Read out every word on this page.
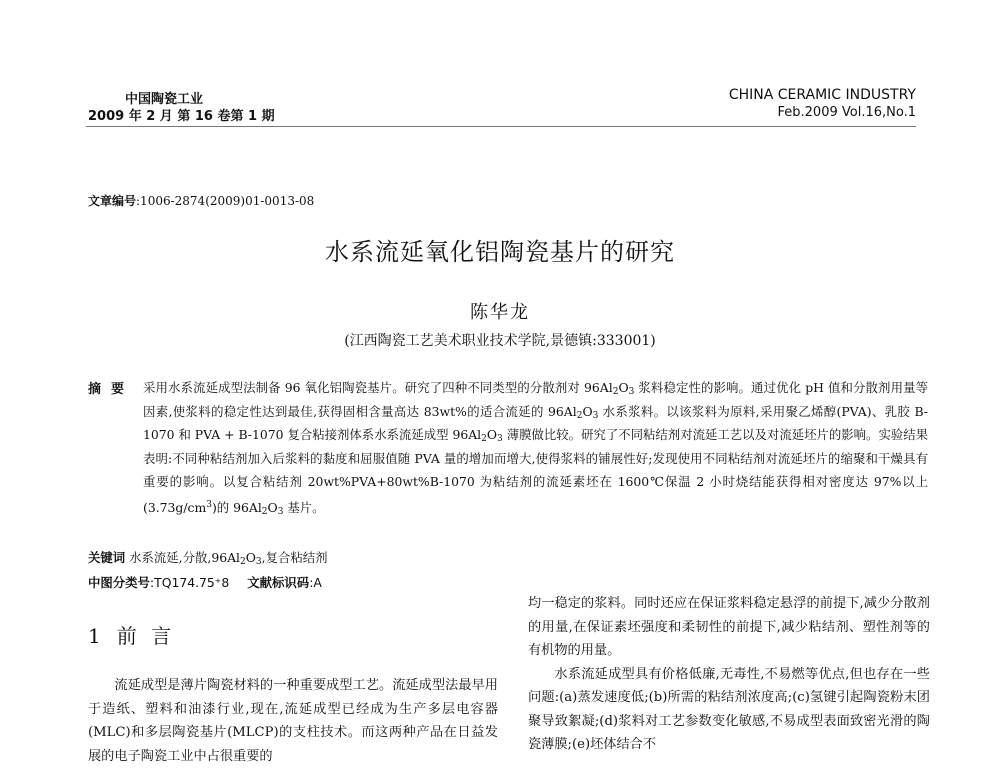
中国陶瓷工业
2009 年 2 月 第 16 卷第 1 期
CHINA CERAMIC INDUSTRY
Feb.2009 Vol.16,No.1
文章编号:1006-2874(2009)01-0013-08
水系流延氧化铝陶瓷基片的研究
陈华龙
(江西陶瓷工艺美术职业技术学院,景德镇:333001)
摘要 采用水系流延成型法制备 96 氧化铝陶瓷基片。研究了四种不同类型的分散剂对 $96Al_2O_3$ 浆料稳定性的影响。通过优化 pH 值和分散剂用量等因素,使浆料的稳定性达到最佳,获得固相含量高达 83wt%的适合流延的 $96Al_2O_3$ 水系浆料。以该浆料为原料,采用聚乙烯醇(PVA)、乳胶 B-1070 和 PVA + B-1070 复合粘接剂体系水系流延成型 $96Al_2O_3$ 薄膜做比较。研究了不同粘结剂对流延工艺以及对流延坯片的影响。实验结果表明:不同种粘结剂加入后浆料的黏度和屈服值随 PVA 量的增加而增大,使得浆料的铺展性好;发现使用不同粘结剂对流延坯片的缩聚和干燥具有重要的影响。以复合粘结剂 20wt%PVA+80wt%B-1070 为粘结剂的流延素坯在 1600℃保温 2 小时烧结能获得相对密度达 97%以上$(3.73g/cm^3)$的 $96Al_2O_3$ 基片。
关键词 水系流延,分散$,96Al_2O_3$,复合粘结剂
中图分类号:TQ174.75⁺8 文献标识码:A
1 前 言
流延成型是薄片陶瓷材料的一种重要成型工艺。流延成型法最早用于造纸、塑料和油漆行业,现在,流延成型已经成为生产多层电容器(MLC)和多层陶瓷基片(MLCP)的支柱技术。而这两种产品在日益发展的电子陶瓷工业中占很重要的

均一稳定的浆料。同时还应在保证浆料稳定悬浮的前提下,减少分散剂的用量,在保证素坯强度和柔韧性的前提下,减少粘结剂、塑性剂等的有机物的用量。

水系流延成型具有价格低廉,无毒性,不易燃等优点,但也存在一些问题:(a)蒸发速度低;(b)所需的粘结剂浓度高;(c)氢键引起陶瓷粉末团聚导致絮凝;(d)浆料对工艺参数变化敏感,不易成型表面致密光滑的陶瓷薄膜;(e)坯体结合不
